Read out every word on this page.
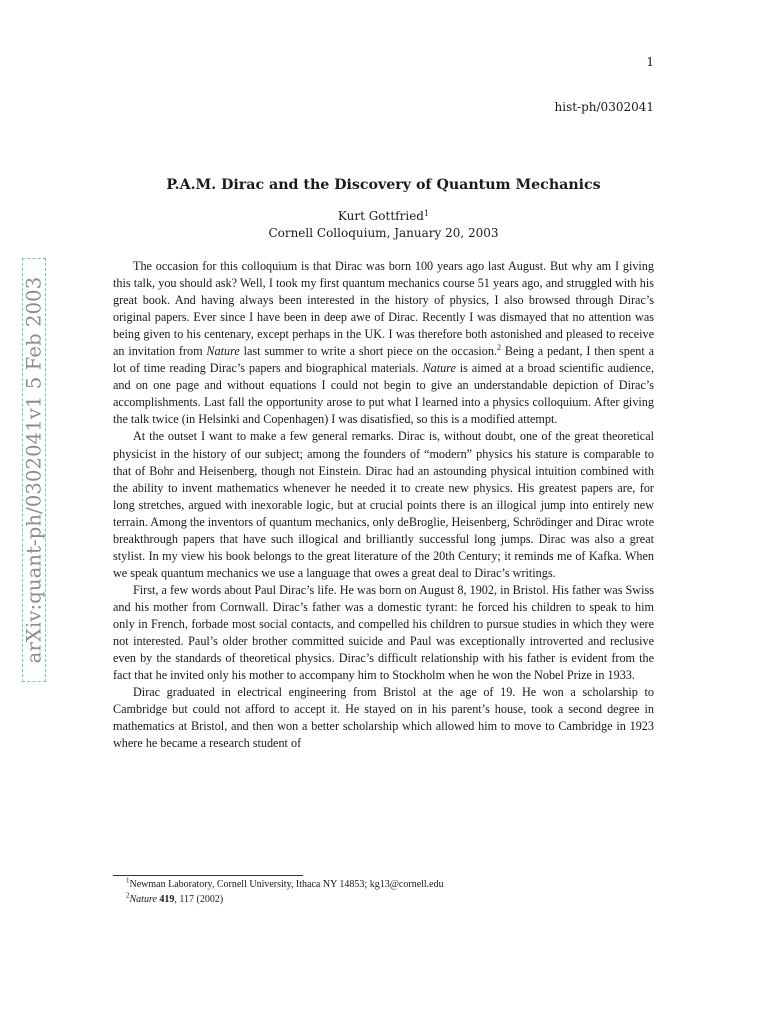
1
hist-ph/0302041
arXiv:quant-ph/0302041v1 5 Feb 2003
P.A.M. Dirac and the Discovery of Quantum Mechanics
Kurt Gottfried$^1$
Cornell Colloquium, January 20, 2003

The occasion for this colloquium is that Dirac was born 100 years ago last August. But why am I giving this talk, you should ask? Well, I took my first quantum mechanics course 51 years ago, and struggled with his great book. And having always been interested in the history of physics, I also browsed through Dirac’s original papers. Ever since I have been in deep awe of Dirac. Recently I was dismayed that no attention was being given to his centenary, except perhaps in the UK. I was therefore both astonished and pleased to receive an invitation from Nature last summer to write a short piece on the occasion.$^2$ Being a pedant, I then spent a lot of time reading Dirac’s papers and biographical materials. Nature is aimed at a broad scientific audience, and on one page and without equations I could not begin to give an understandable depiction of Dirac’s accomplishments. Last fall the opportunity arose to put what I learned into a physics colloquium. After giving the talk twice (in Helsinki and Copenhagen) I was disatisfied, so this is a modified attempt.

At the outset I want to make a few general remarks. Dirac is, without doubt, one of the great theoretical physicist in the history of our subject; among the founders of “modern” physics his stature is comparable to that of Bohr and Heisenberg, though not Einstein. Dirac had an astounding physical intuition combined with the ability to invent mathematics whenever he needed it to create new physics. His greatest papers are, for long stretches, argued with inexorable logic, but at crucial points there is an illogical jump into entirely new terrain. Among the inventors of quantum mechanics, only deBroglie, Heisenberg, Schrödinger and Dirac wrote breakthrough papers that have such illogical and brilliantly successful long jumps. Dirac was also a great stylist. In my view his book belongs to the great literature of the 20th Century; it reminds me of Kafka. When we speak quantum mechanics we use a language that owes a great deal to Dirac’s writings.

First, a few words about Paul Dirac’s life. He was born on August 8, 1902, in Bristol. His father was Swiss and his mother from Cornwall. Dirac’s father was a domestic tyrant: he forced his children to speak to him only in French, forbade most social contacts, and compelled his children to pursue studies in which they were not interested. Paul’s older brother committed suicide and Paul was exceptionally introverted and reclusive even by the standards of theoretical physics. Dirac’s difficult relationship with his father is evident from the fact that he invited only his mother to accompany him to Stockholm when he won the Nobel Prize in 1933.

Dirac graduated in electrical engineering from Bristol at the age of 19. He won a scholarship to Cambridge but could not afford to accept it. He stayed on in his parent’s house, took a second degree in mathematics at Bristol, and then won a better scholarship which allowed him to move to Cambridge in 1923 where he became a research student of

$^1$Newman Laboratory, Cornell University, Ithaca NY 14853; kg13@cornell.edu
$^2$Nature 419, 117 (2002)
